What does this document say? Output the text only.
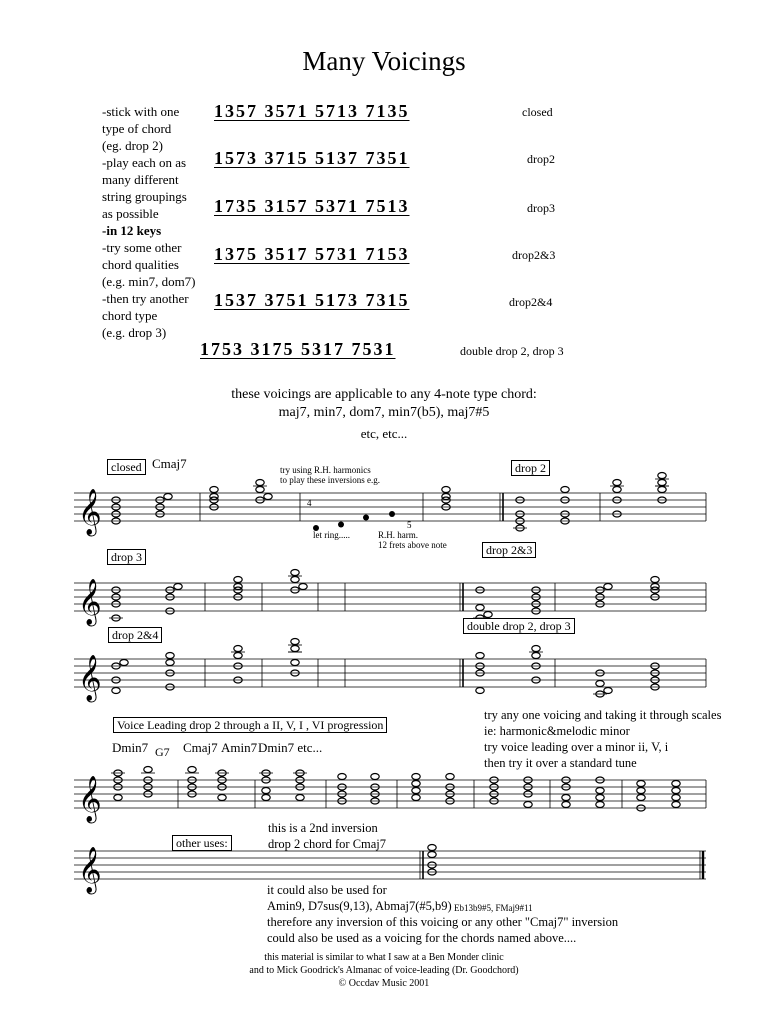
Many Voicings
-stick with one
type of chord
(eg. drop 2)
-play each on as
many different
string groupings
as possible
-in 12 keys
-try some other
chord qualities
(e.g. min7, dom7)
-then try another
chord type
(e.g. drop 3)
1357 3571 5713 7135	closed
1573 3715 5137 7351	drop2
1735 3157 5371 7513	drop3
1375 3517 5731 7153	drop2&3
1537 3751 5173 7315	drop2&4
1753 3175 5317 7531	double drop 2, drop 3
these voicings are applicable to any 4-note type chord:
maj7, min7, dom7, min7(b5), maj7#5
etc, etc...
𝄞
𝄞
𝄞
𝄞
𝄞
closed Cmaj7	try using R.H. harmonics
to play these inversions e.g.
let ring.....	R.H. harm.
12 frets above note
4
5
drop 2
drop 3	drop 2&3
double drop 2, drop 3
drop 2&4
Voice Leading drop 2 through a II, V, I , VI progression
try any one voicing and taking it through scales
ie: harmonic&melodic minor
try voice leading over a minor ii, V, i
then try it over a standard tune
Dmin7 G7 Cmaj7 Amin7 Dmin7 etc...
other uses:
this is a 2nd inversion
drop 2 chord for Cmaj7
it could also be used for
Amin9, D7sus(9,13), Abmaj7(#5,b9) Eb13b9#5, FMaj9#11
therefore any inversion of this voicing or any other "Cmaj7" inversion
could also be used as a voicing for the chords named above....
this material is similar to what I saw at a Ben Monder clinic
and to Mick Goodrick's Almanac of voice-leading (Dr. Goodchord)
© Occdav Music 2001
